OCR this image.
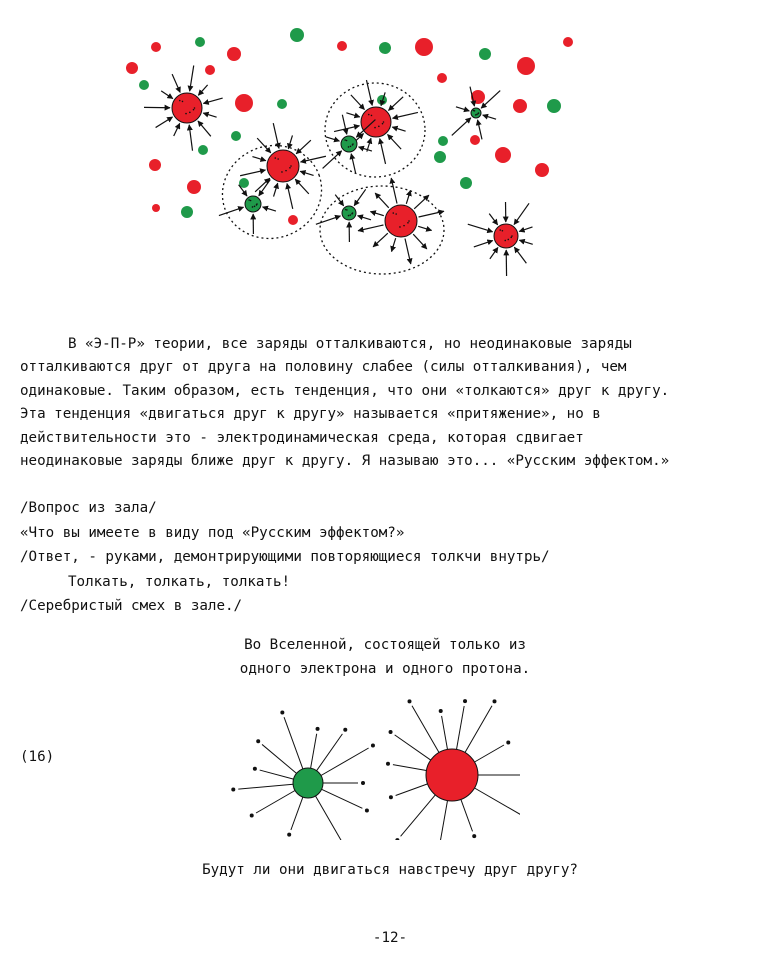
В «Э-П-Р» теории, все заряды отталкиваются, но неодинаковые заряды

отталкиваются друг от друга на половину слабее (силы отталкивания), чем

одинаковые. Таким образом, есть тенденция, что они «толкаются» друг к другу.

Эта тенденция «двигаться друг к другу» называется «притяжение», но в

действительности это - электродинамическая среда, которая сдвигает

неодинаковые заряды ближе друг к другу. Я называю это... «Русским эффектом.»

/Вопрос из зала/
«Что вы имеете в виду под «Русским эффектом?»
/Ответ, - руками, демонтрирующими повторяющиеся толкчи внутрь/
Толкать, толкать, толкать!
/Серебристый смех в зале./
Во Вселенной, состоящей только из
одного электрона и одного протона.
(16)
Будут ли они двигаться навстречу друг другу?
-12-
